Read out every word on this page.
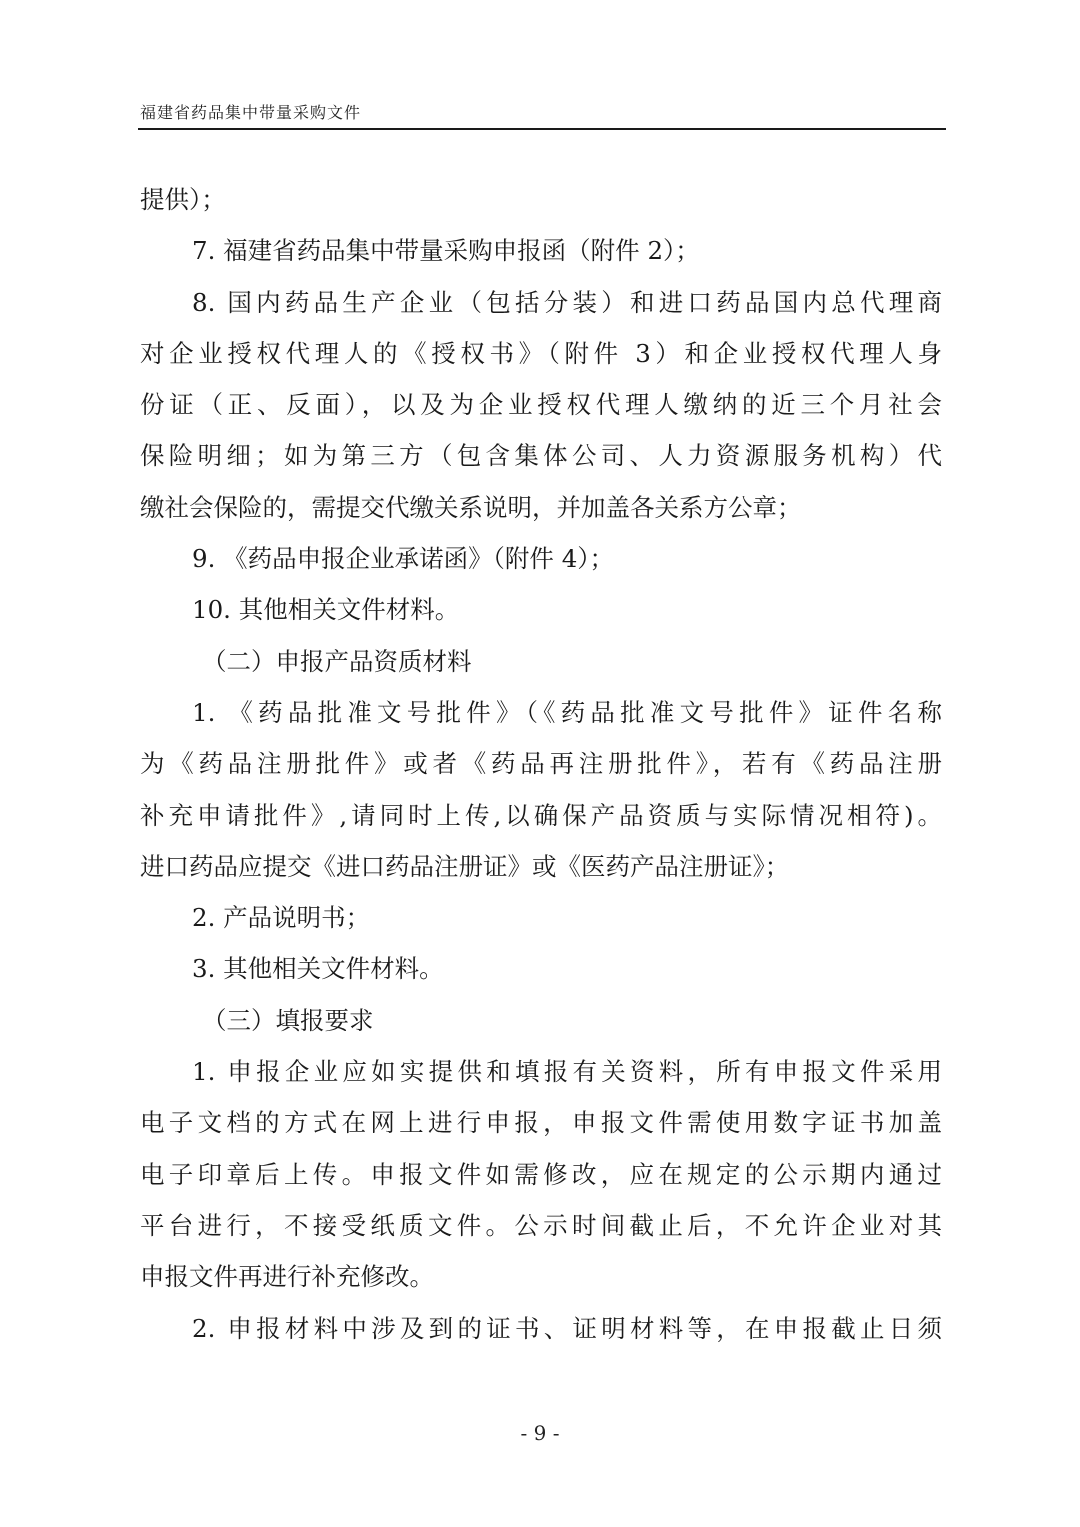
福建省药品集中带量采购文件
提供）；
7. 福建省药品集中带量采购申报函（附件 2）；
8. 国内药品生产企业（包括分装）和进口药品国内总代理商
对企业授权代理人的《授权书》（附件 3）和企业授权代理人身
份证（正、反面），以及为企业授权代理人缴纳的近三个月社会
保险明细；如为第三方（包含集体公司、人力资源服务机构）代
缴社会保险的，需提交代缴关系说明，并加盖各关系方公章；
9. 《药品申报企业承诺函》（附件 4）；
10. 其他相关文件材料。
（二）申报产品资质材料
1. 《药品批准文号批件》（《药品批准文号批件》证件名称
为《药品注册批件》或者《药品再注册批件》，若有《药品注册
补充申请批件》,请同时上传,以确保产品资质与实际情况相符)。
进口药品应提交《进口药品注册证》或《医药产品注册证》；
2. 产品说明书；
3. 其他相关文件材料。
（三）填报要求
1. 申报企业应如实提供和填报有关资料，所有申报文件采用
电子文档的方式在网上进行申报，申报文件需使用数字证书加盖
电子印章后上传。申报文件如需修改，应在规定的公示期内通过
平台进行，不接受纸质文件。公示时间截止后，不允许企业对其
申报文件再进行补充修改。
2. 申报材料中涉及到的证书、证明材料等，在申报截止日须
- 9 -
